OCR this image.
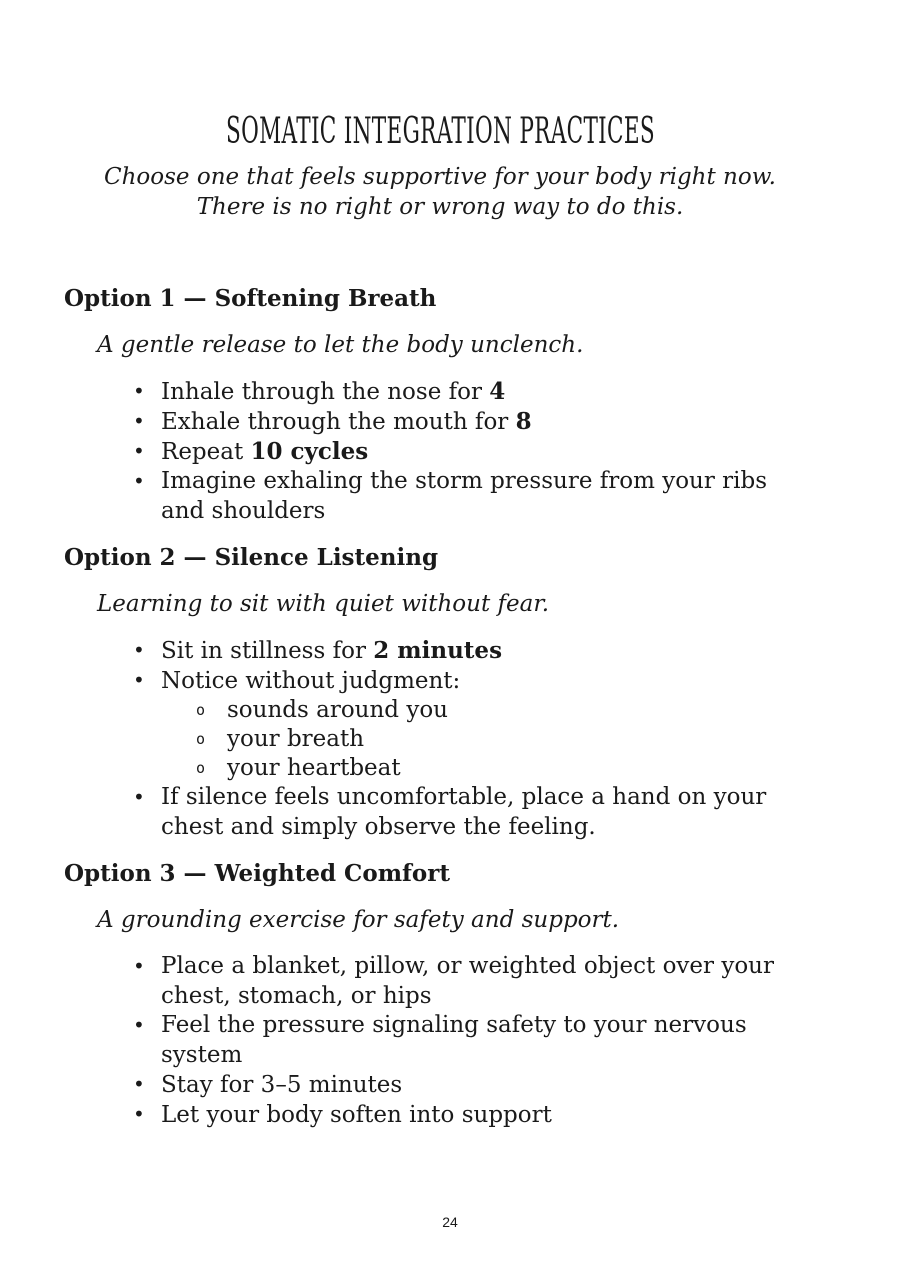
SOMATIC INTEGRATION PRACTICES
Choose one that feels supportive for your body right now.
There is no right or wrong way to do this.
Option 1 — Softening Breath

A gentle release to let the body unclench.

• Inhale through the nose for 4
• Exhale through the mouth for 8
• Repeat 10 cycles
• Imagine exhaling the storm pressure from your ribs and shoulders
Option 2 — Silence Listening

Learning to sit with quiet without fear.

• Sit in stillness for 2 minutes
• Notice without judgment:
o sounds around you
o your breath
o your heartbeat
• If silence feels uncomfortable, place a hand on your chest and simply observe the feeling.
Option 3 — Weighted Comfort

A grounding exercise for safety and support.

• Place a blanket, pillow, or weighted object over your chest, stomach, or hips
• Feel the pressure signaling safety to your nervous system
• Stay for 3–5 minutes
• Let your body soften into support
24
